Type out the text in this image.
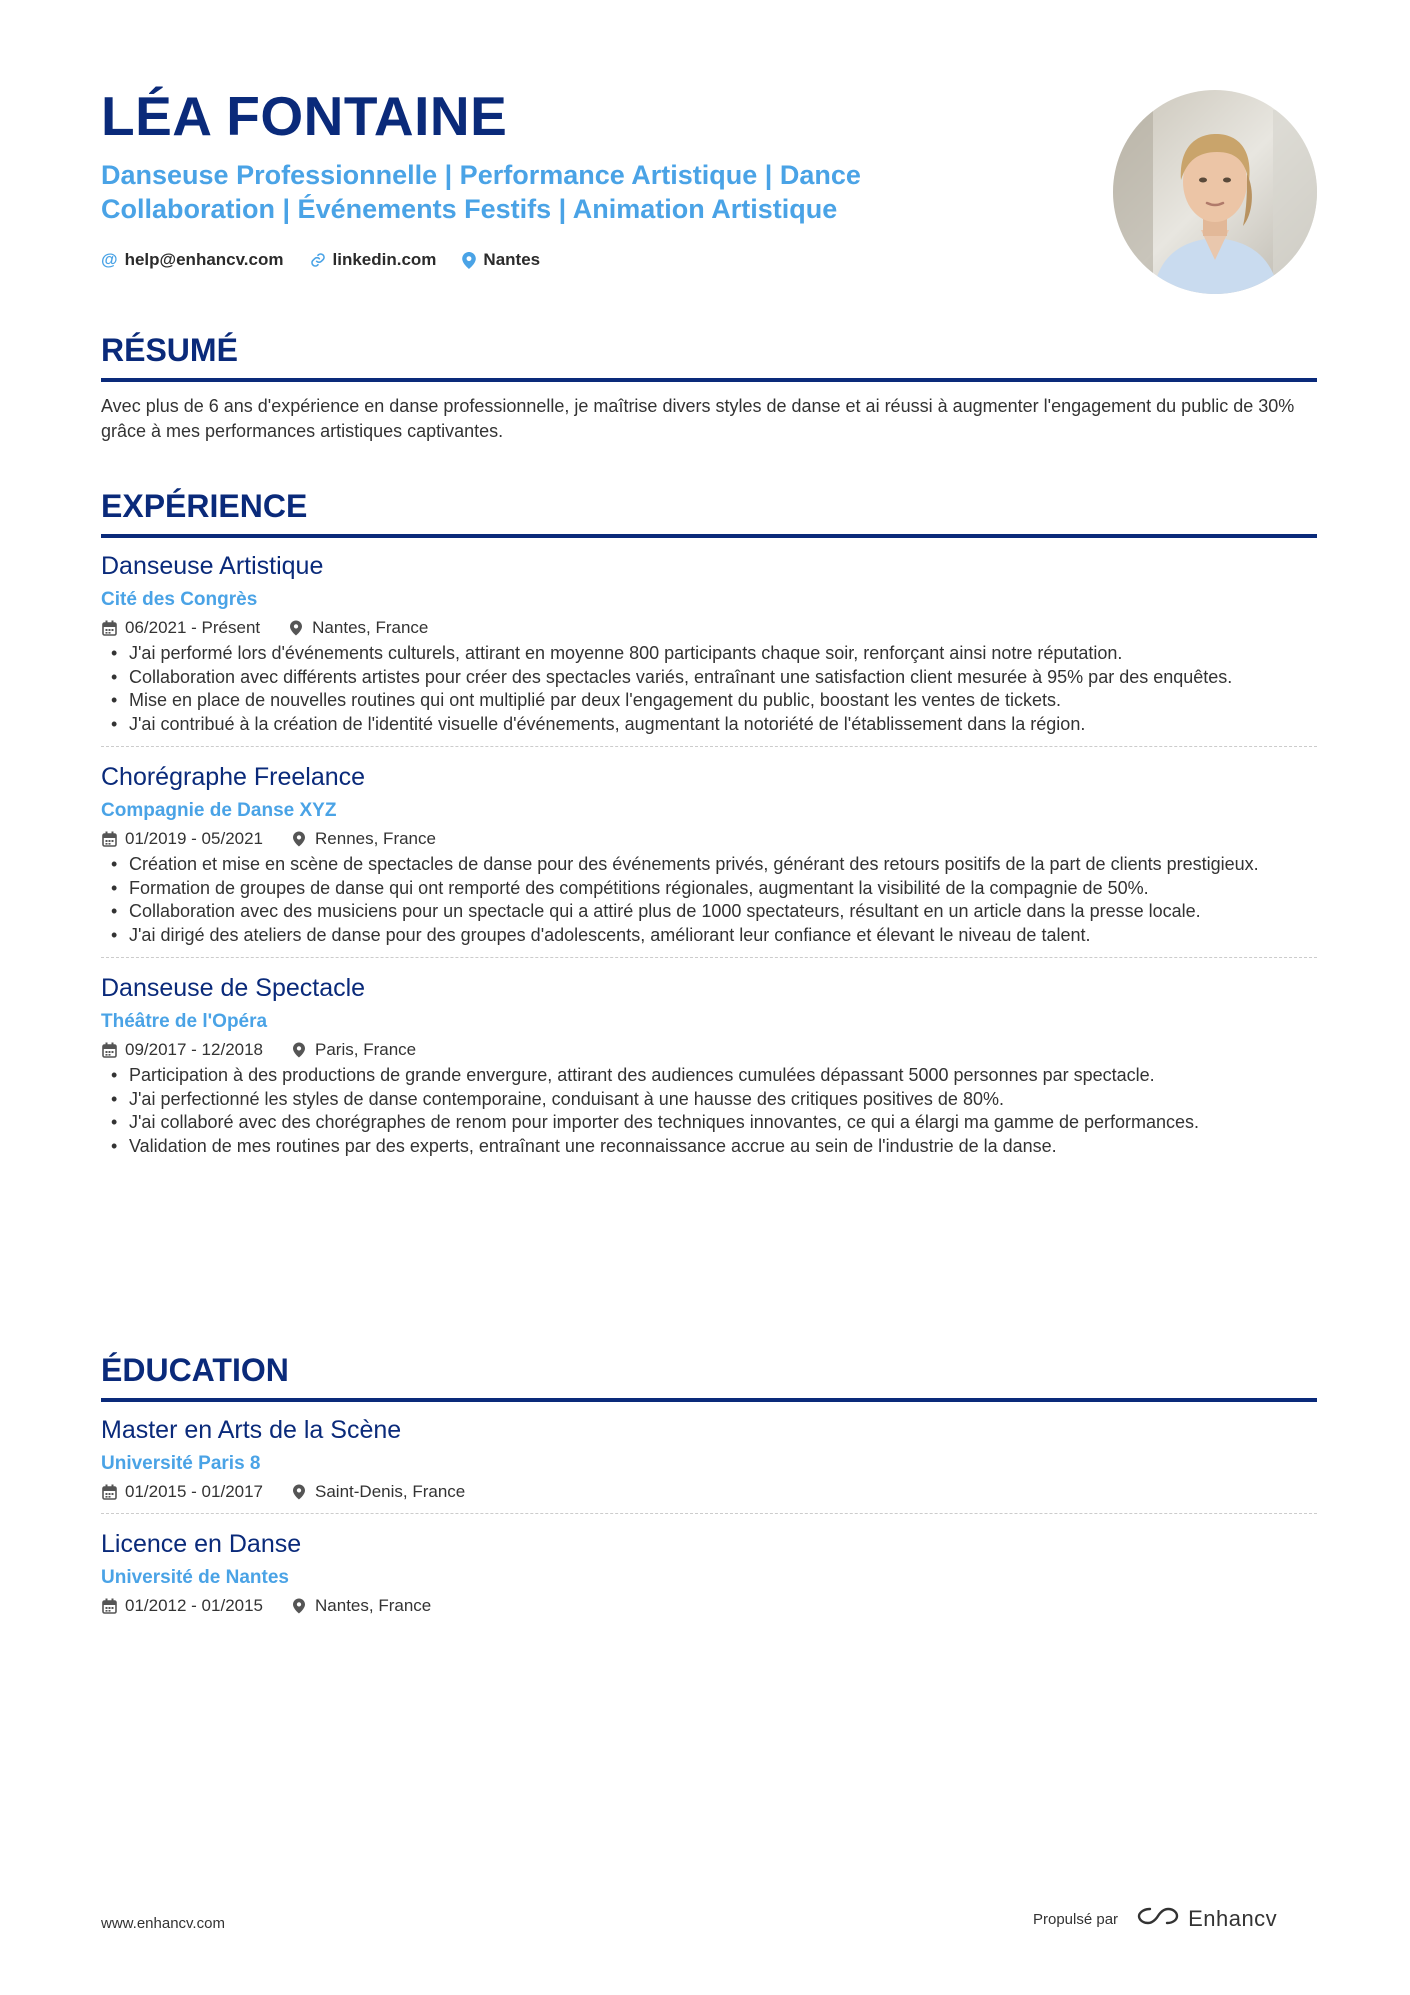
LÉA FONTAINE
Danseuse Professionnelle | Performance Artistique | Dance Collaboration | Événements Festifs | Animation Artistique
@ help@enhancv.com	linkedin.com	Nantes
RÉSUMÉ
Avec plus de 6 ans d'expérience en danse professionnelle, je maîtrise divers styles de danse et ai réussi à augmenter l'engagement du public de 30% grâce à mes performances artistiques captivantes.
EXPÉRIENCE
Danseuse Artistique
Cité des Congrès
06/2021 - Présent	Nantes, France
• J'ai performé lors d'événements culturels, attirant en moyenne 800 participants chaque soir, renforçant ainsi notre réputation.
• Collaboration avec différents artistes pour créer des spectacles variés, entraînant une satisfaction client mesurée à 95% par des enquêtes.
• Mise en place de nouvelles routines qui ont multiplié par deux l'engagement du public, boostant les ventes de tickets.
• J'ai contribué à la création de l'identité visuelle d'événements, augmentant la notoriété de l'établissement dans la région.
Chorégraphe Freelance
Compagnie de Danse XYZ
01/2019 - 05/2021	Rennes, France
• Création et mise en scène de spectacles de danse pour des événements privés, générant des retours positifs de la part de clients prestigieux.
• Formation de groupes de danse qui ont remporté des compétitions régionales, augmentant la visibilité de la compagnie de 50%.
• Collaboration avec des musiciens pour un spectacle qui a attiré plus de 1000 spectateurs, résultant en un article dans la presse locale.
• J'ai dirigé des ateliers de danse pour des groupes d'adolescents, améliorant leur confiance et élevant le niveau de talent.
Danseuse de Spectacle
Théâtre de l'Opéra
09/2017 - 12/2018	Paris, France
• Participation à des productions de grande envergure, attirant des audiences cumulées dépassant 5000 personnes par spectacle.
• J'ai perfectionné les styles de danse contemporaine, conduisant à une hausse des critiques positives de 80%.
• J'ai collaboré avec des chorégraphes de renom pour importer des techniques innovantes, ce qui a élargi ma gamme de performances.
• Validation de mes routines par des experts, entraînant une reconnaissance accrue au sein de l'industrie de la danse.
ÉDUCATION
Master en Arts de la Scène
Université Paris 8
01/2015 - 01/2017	Saint-Denis, France
Licence en Danse
Université de Nantes
01/2012 - 01/2015	Nantes, France
www.enhancv.com	Propulsé par	Enhancv
